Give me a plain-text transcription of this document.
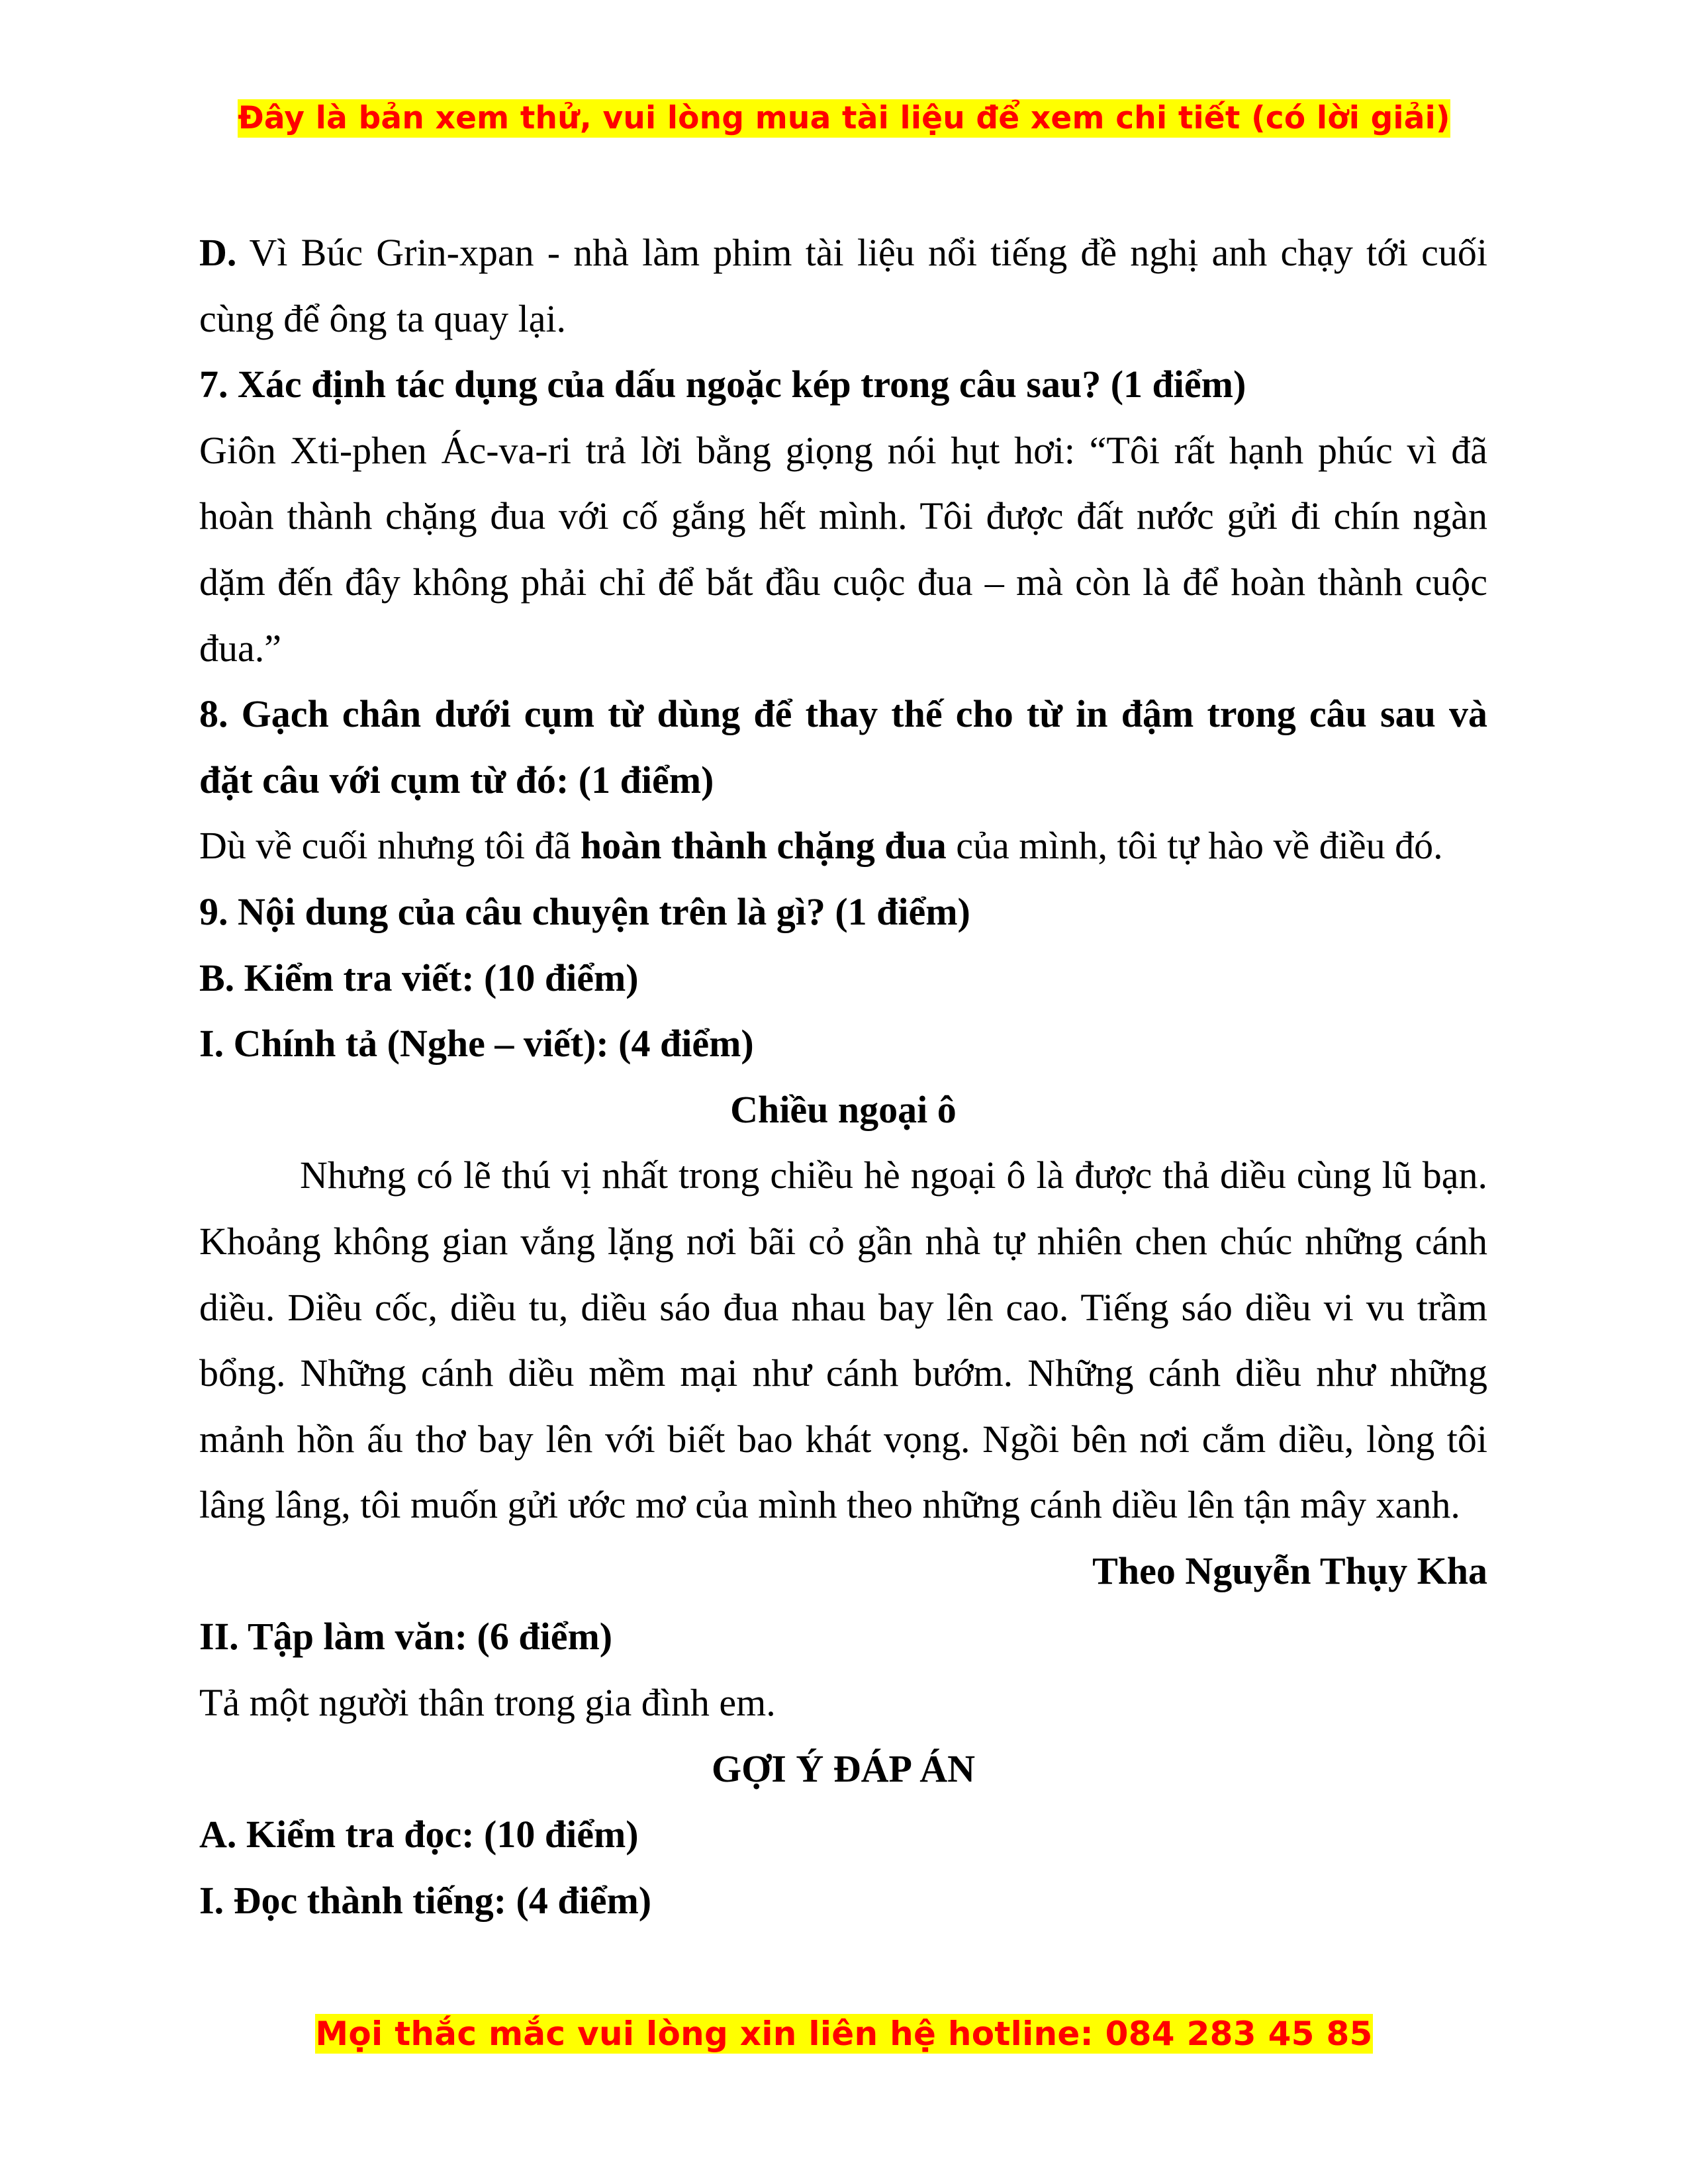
Đây là bản xem thử, vui lòng mua tài liệu để xem chi tiết (có lời giải)
D. Vì Búc Grin-xpan - nhà làm phim tài liệu nổi tiếng đề nghị anh chạy tới cuối
cùng để ông ta quay lại.
7. Xác định tác dụng của dấu ngoặc kép trong câu sau? (1 điểm)
Giôn Xti-phen Ác-va-ri trả lời bằng giọng nói hụt hơi: “Tôi rất hạnh phúc vì đã
hoàn thành chặng đua với cố gắng hết mình. Tôi được đất nước gửi đi chín ngàn
dặm đến đây không phải chỉ để bắt đầu cuộc đua – mà còn là để hoàn thành cuộc
đua.”
8. Gạch chân dưới cụm từ dùng để thay thế cho từ in đậm trong câu sau và
đặt câu với cụm từ đó: (1 điểm)
Dù về cuối nhưng tôi đã hoàn thành chặng đua của mình, tôi tự hào về điều đó.
9. Nội dung của câu chuyện trên là gì? (1 điểm)
B. Kiểm tra viết: (10 điểm)
I. Chính tả (Nghe – viết): (4 điểm)
Chiều ngoại ô
Nhưng có lẽ thú vị nhất trong chiều hè ngoại ô là được thả diều cùng lũ bạn.
Khoảng không gian vắng lặng nơi bãi cỏ gần nhà tự nhiên chen chúc những cánh
diều. Diều cốc, diều tu, diều sáo đua nhau bay lên cao. Tiếng sáo diều vi vu trầm
bổng. Những cánh diều mềm mại như cánh bướm. Những cánh diều như những
mảnh hồn ấu thơ bay lên với biết bao khát vọng. Ngồi bên nơi cắm diều, lòng tôi
lâng lâng, tôi muốn gửi ước mơ của mình theo những cánh diều lên tận mây xanh.
Theo Nguyễn Thụy Kha
II. Tập làm văn: (6 điểm)
Tả một người thân trong gia đình em.
GỢI Ý ĐÁP ÁN
A. Kiểm tra đọc: (10 điểm)
I. Đọc thành tiếng: (4 điểm)
Mọi thắc mắc vui lòng xin liên hệ hotline: 084 283 45 85
